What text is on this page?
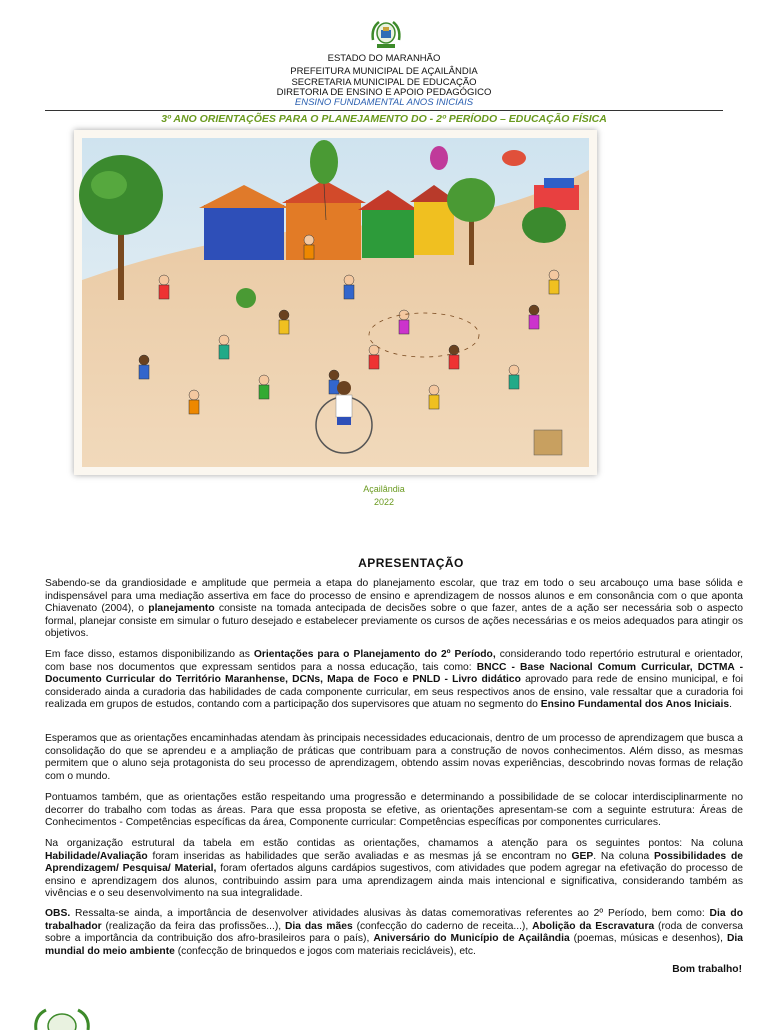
ESTADO DO MARANHÃO
PREFEITURA MUNICIPAL DE AÇAILÂNDIA
SECRETARIA MUNICIPAL DE EDUCAÇÃO
DIRETORIA DE ENSINO E APOIO PEDAGÓGICO
ENSINO FUNDAMENTAL ANOS INICIAIS
3º ANO ORIENTAÇÕES PARA O PLANEJAMENTO DO - 2º PERÍODO – EDUCAÇÃO FÍSICA
Açailândia
2022
APRESENTAÇÃO
Sabendo-se da grandiosidade e amplitude que permeia a etapa do planejamento escolar, que traz em todo o seu arcabouço uma base sólida e indispensável para uma mediação assertiva em face do processo de ensino e aprendizagem de nossos alunos e em consonância com o que aponta Chiavenato (2004), o planejamento consiste na tomada antecipada de decisões sobre o que fazer, antes de a ação ser necessária sob o aspecto formal, planejar consiste em simular o futuro desejado e estabelecer previamente os cursos de ações necessárias e os meios adequados para atingir os objetivos.
Em face disso, estamos disponibilizando as Orientações para o Planejamento do 2º Período, considerando todo repertório estrutural e orientador, com base nos documentos que expressam sentidos para a nossa educação, tais como: BNCC - Base Nacional Comum Curricular, DCTMA - Documento Curricular do Território Maranhense, DCNs, Mapa de Foco e PNLD - Livro didático aprovado para rede de ensino municipal, e foi considerado ainda a curadoria das habilidades de cada componente curricular, em seus respectivos anos de ensino, vale ressaltar que a curadoria foi realizada em grupos de estudos, contando com a participação dos supervisores que atuam no segmento do Ensino Fundamental dos Anos Iniciais.
Esperamos que as orientações encaminhadas atendam às principais necessidades educacionais, dentro de um processo de aprendizagem que busca a consolidação do que se aprendeu e a ampliação de práticas que contribuam para a construção de novos conhecimentos. Além disso, as mesmas permitem que o aluno seja protagonista do seu processo de aprendizagem, obtendo assim novas experiências, descobrindo novas formas de relação com o mundo.
Pontuamos também, que as orientações estão respeitando uma progressão e determinando a possibilidade de se colocar interdisciplinarmente no decorrer do trabalho com todas as áreas. Para que essa proposta se efetive, as orientações apresentam-se com a seguinte estrutura: Áreas de Conhecimentos - Competências específicas da área, Componente curricular: Competências específicas por componentes curriculares.
Na organização estrutural da tabela em estão contidas as orientações, chamamos a atenção para os seguintes pontos: Na coluna Habilidade/Avaliação foram inseridas as habilidades que serão avaliadas e as mesmas já se encontram no GEP. Na coluna Possibilidades de Aprendizagem/ Pesquisa/ Material, foram ofertados alguns cardápios sugestivos, com atividades que podem agregar na efetivação do processo de ensino e aprendizagem dos alunos, contribuindo assim para uma aprendizagem ainda mais intencional e significativa, considerando também as vivências e o seu desenvolvimento na sua integralidade.
OBS. Ressalta-se ainda, a importância de desenvolver atividades alusivas às datas comemorativas referentes ao 2º Período, bem como: Dia do trabalhador (realização da feira das profissões...), Dia das mães (confecção do caderno de receita...), Abolição da Escravatura (roda de conversa sobre a importância da contribuição dos afro-brasileiros para o país), Aniversário do Município de Açailândia (poemas, músicas e desenhos), Dia mundial do meio ambiente (confecção de brinquedos e jogos com materiais recicláveis), etc.
Bom trabalho!
